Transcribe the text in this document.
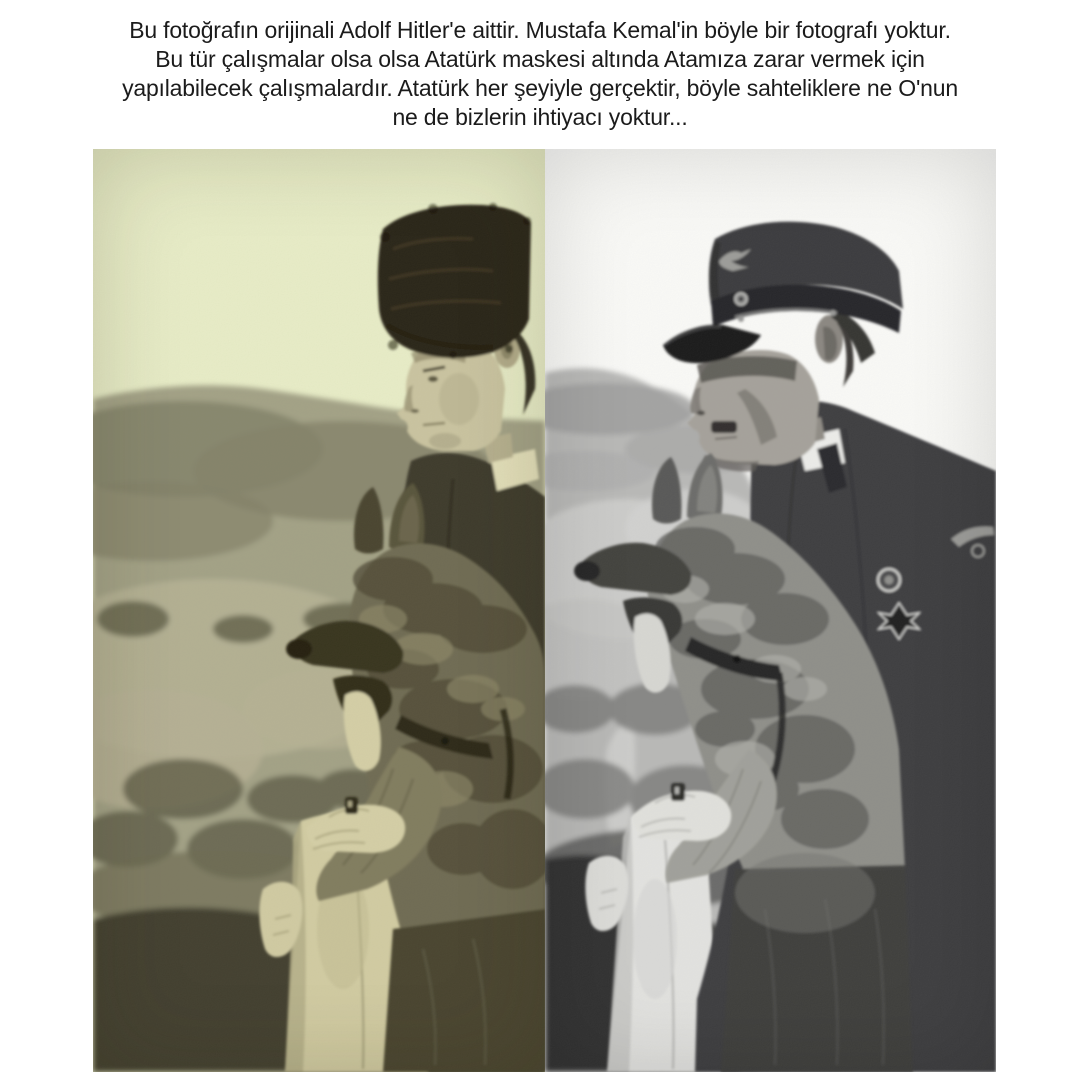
Bu fotoğrafın orijinali Adolf Hitler'e aittir. Mustafa Kemal'in böyle bir fotografı yoktur.
Bu tür çalışmalar olsa olsa Atatürk maskesi altında Atamıza zarar vermek için
yapılabilecek çalışmalardır. Atatürk her şeyiyle gerçektir, böyle sahteliklere ne O'nun
ne de bizlerin ihtiyacı yoktur...
